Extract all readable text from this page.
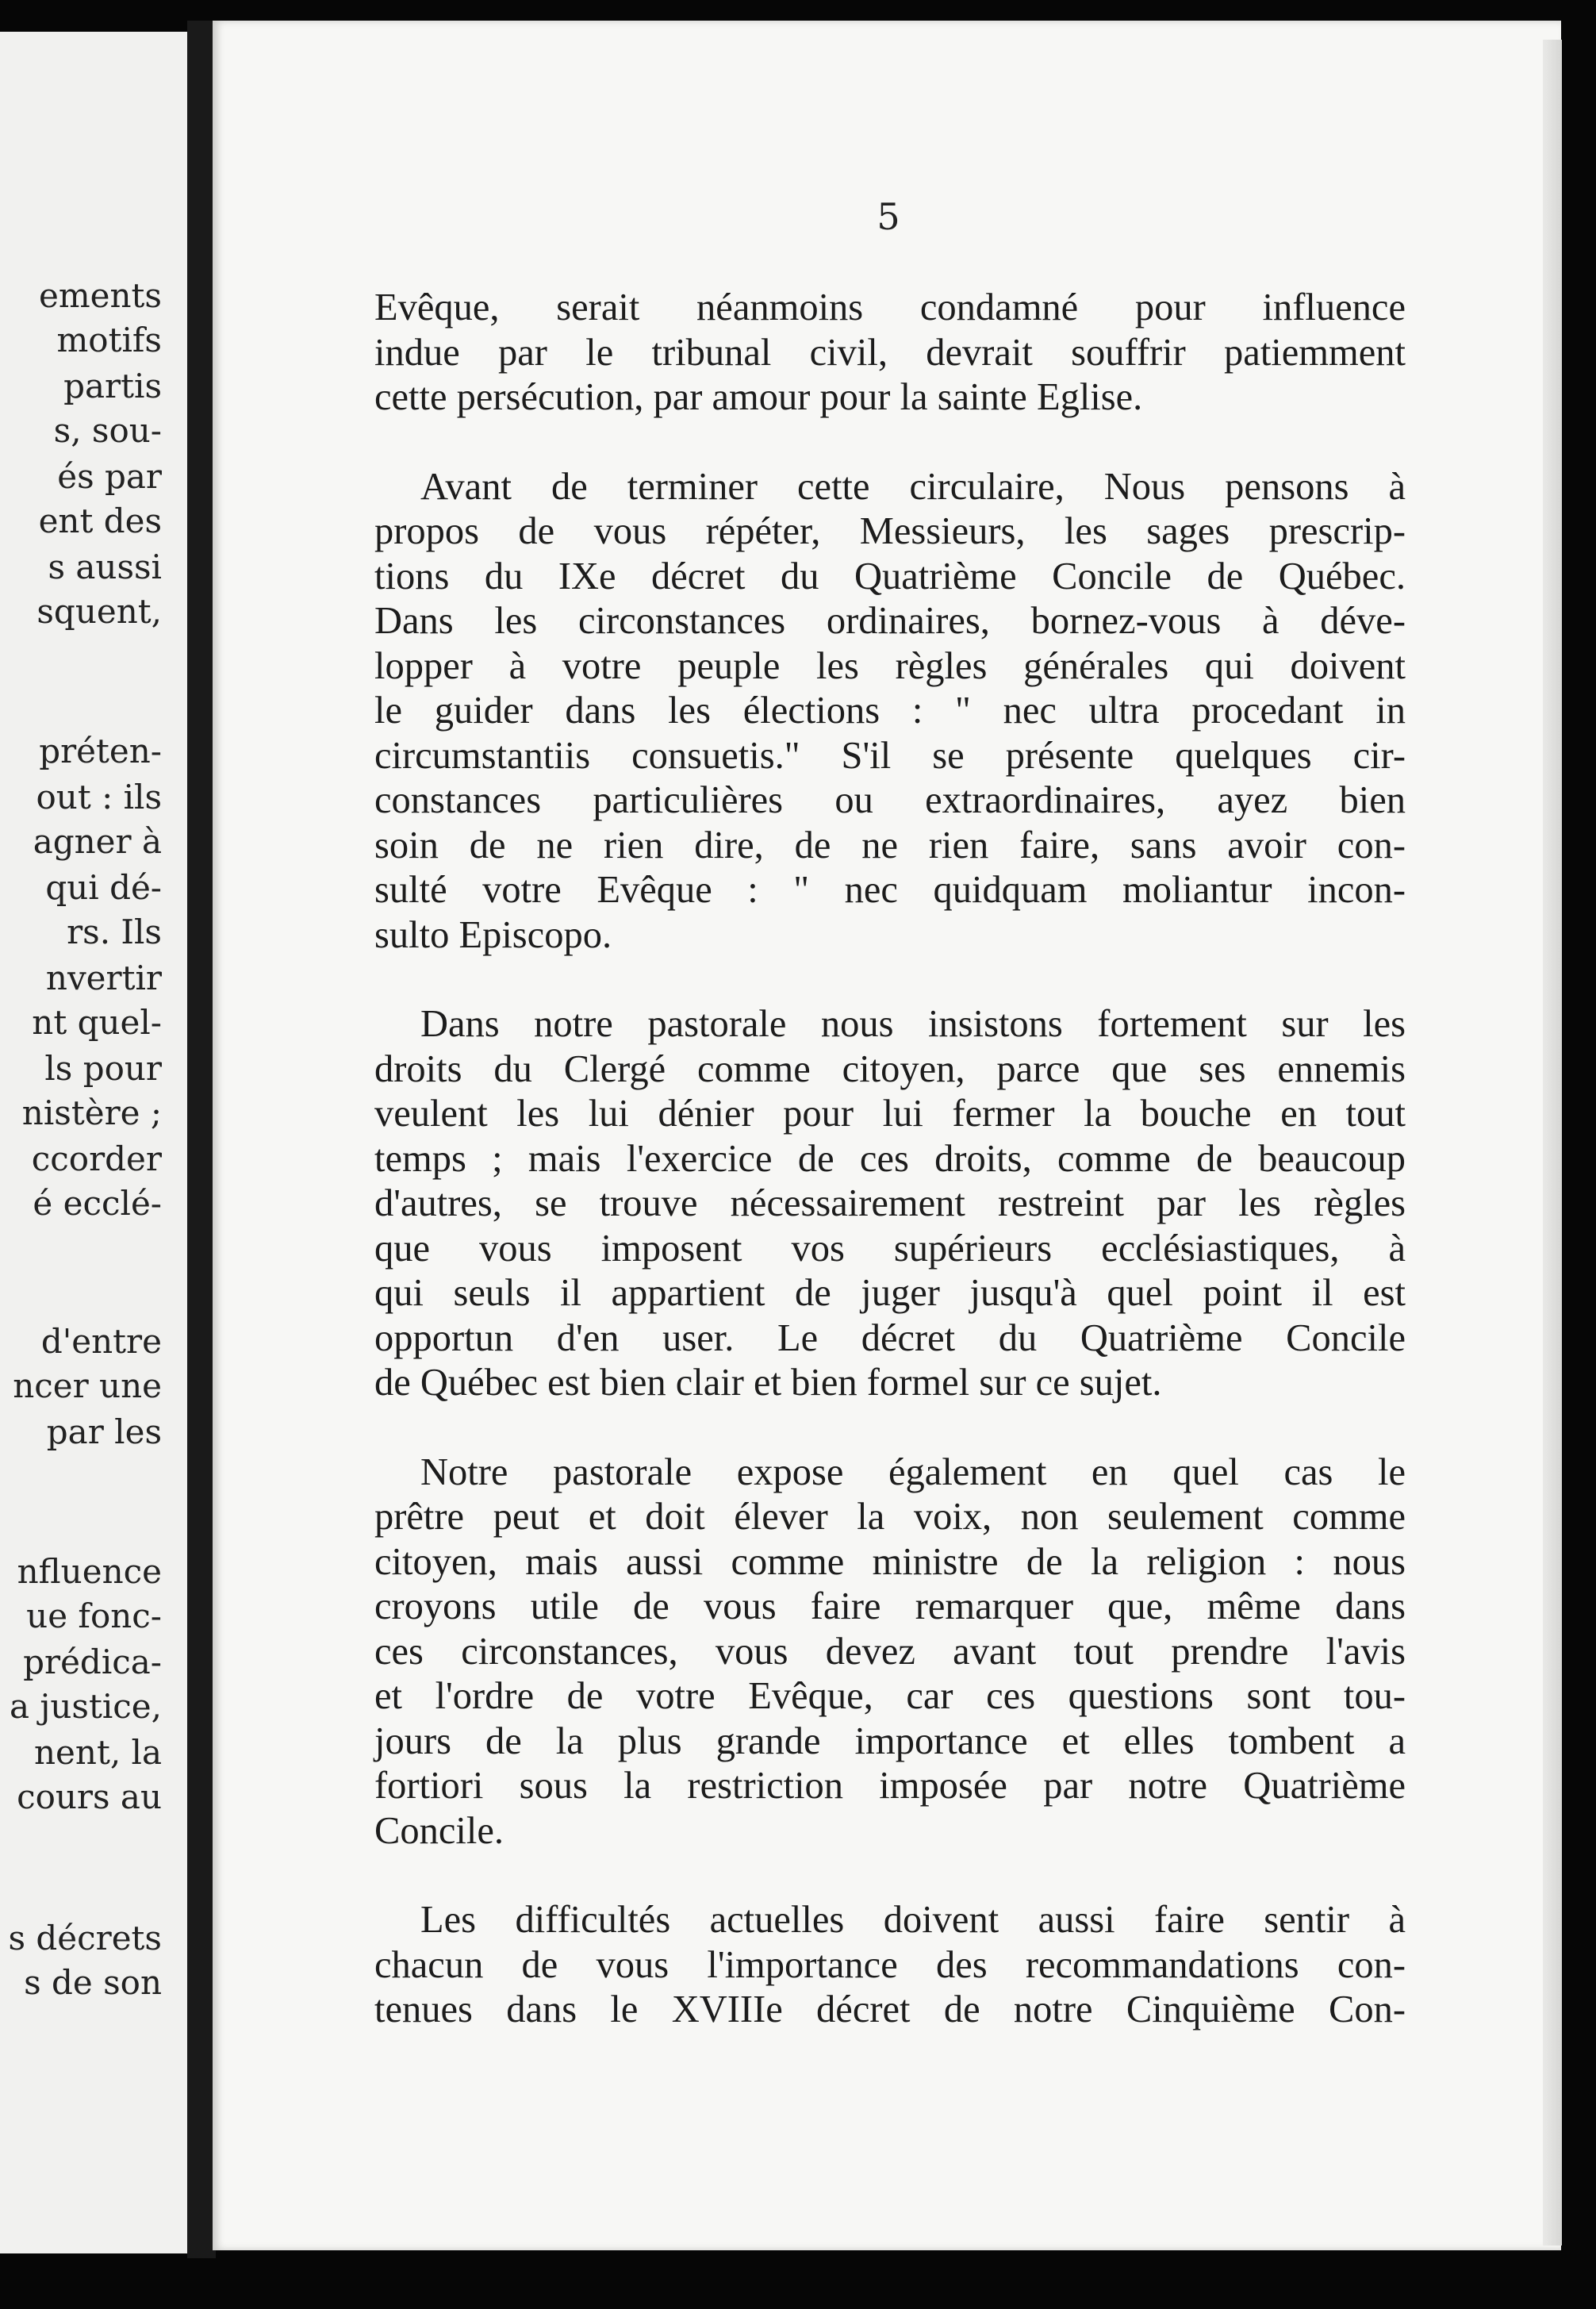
ements
motifs
partis
s, sou-
és par
ent des
s aussi
squent,
préten-
out : ils
agner à
qui dé-
rs. Ils
nvertir
nt quel-
ls pour
nistère ;
ccorder
é ecclé-
d'entre
ncer une
par les
nfluence
ue fonc-
prédica-
a justice,
nent, la
cours au
s décrets
s de son
5
Evêque, serait néanmoins condamné pour influence
indue par le tribunal civil, devrait souffrir patiemment
cette persécution, par amour pour la sainte Eglise.
Avant de terminer cette circulaire, Nous pensons à
propos de vous répéter, Messieurs, les sages prescrip-
tions du IXe décret du Quatrième Concile de Québec.
Dans les circonstances ordinaires, bornez-vous à déve-
lopper à votre peuple les règles générales qui doivent
le guider dans les élections : " nec ultra procedant in
circumstantiis consuetis." S'il se présente quelques cir-
constances particulières ou extraordinaires, ayez bien
soin de ne rien dire, de ne rien faire, sans avoir con-
sulté votre Evêque : " nec quidquam moliantur incon-
sulto Episcopo.
Dans notre pastorale nous insistons fortement sur les
droits du Clergé comme citoyen, parce que ses ennemis
veulent les lui dénier pour lui fermer la bouche en tout
temps ; mais l'exercice de ces droits, comme de beaucoup
d'autres, se trouve nécessairement restreint par les règles
que vous imposent vos supérieurs ecclésiastiques, à
qui seuls il appartient de juger jusqu'à quel point il est
opportun d'en user. Le décret du Quatrième Concile
de Québec est bien clair et bien formel sur ce sujet.
Notre pastorale expose également en quel cas le
prêtre peut et doit élever la voix, non seulement comme
citoyen, mais aussi comme ministre de la religion : nous
croyons utile de vous faire remarquer que, même dans
ces circonstances, vous devez avant tout prendre l'avis
et l'ordre de votre Evêque, car ces questions sont tou-
jours de la plus grande importance et elles tombent a
fortiori sous la restriction imposée par notre Quatrième
Concile.
Les difficultés actuelles doivent aussi faire sentir à
chacun de vous l'importance des recommandations con-
tenues dans le XVIIIe décret de notre Cinquième Con-
